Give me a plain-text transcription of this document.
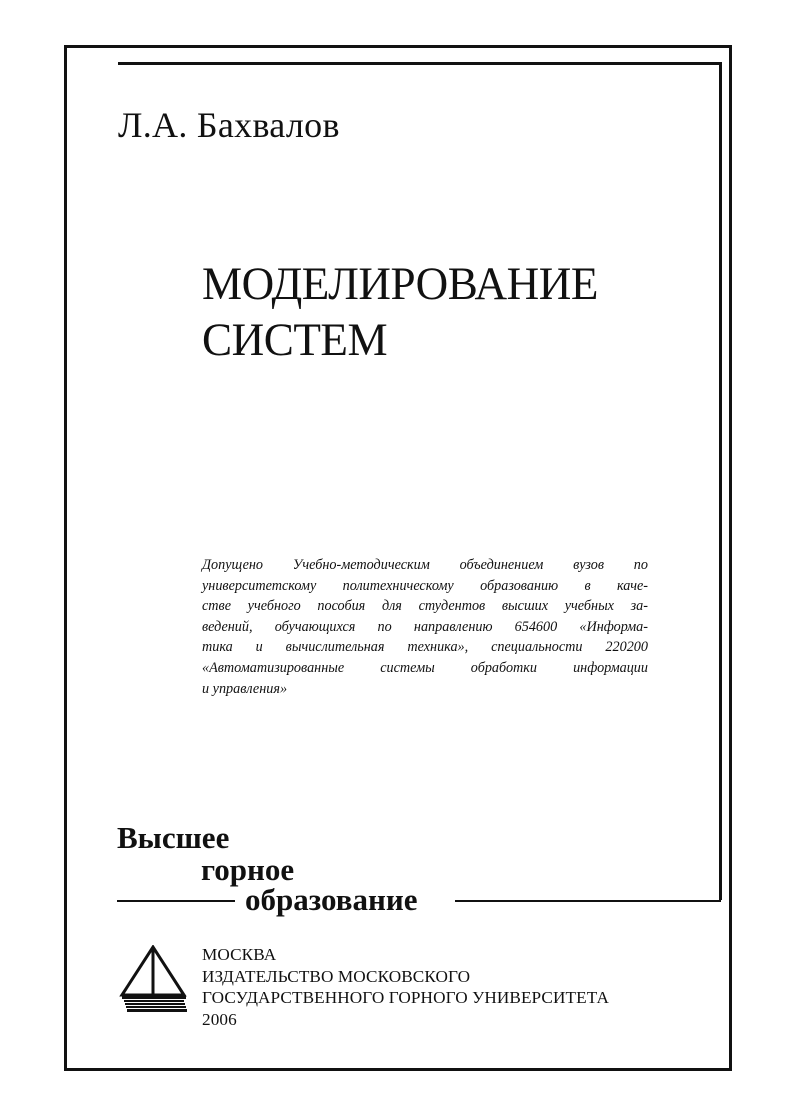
Л.А. Бахвалов
МОДЕЛИРОВАНИЕ
СИСТЕМ
Допущено Учебно-методическим объединением вузов по
университетскому политехническому образованию в каче-
стве учебного пособия для студентов высших учебных за-
ведений, обучающихся по направлению 654600 «Информа-
тика и вычислительная техника», специальности 220200
«Автоматизированные системы обработки информации
и управления»
Высшее
горное
образование
МОСКВА
ИЗДАТЕЛЬСТВО МОСКОВСКОГО
ГОСУДАРСТВЕННОГО ГОРНОГО УНИВЕРСИТЕТА
2006
